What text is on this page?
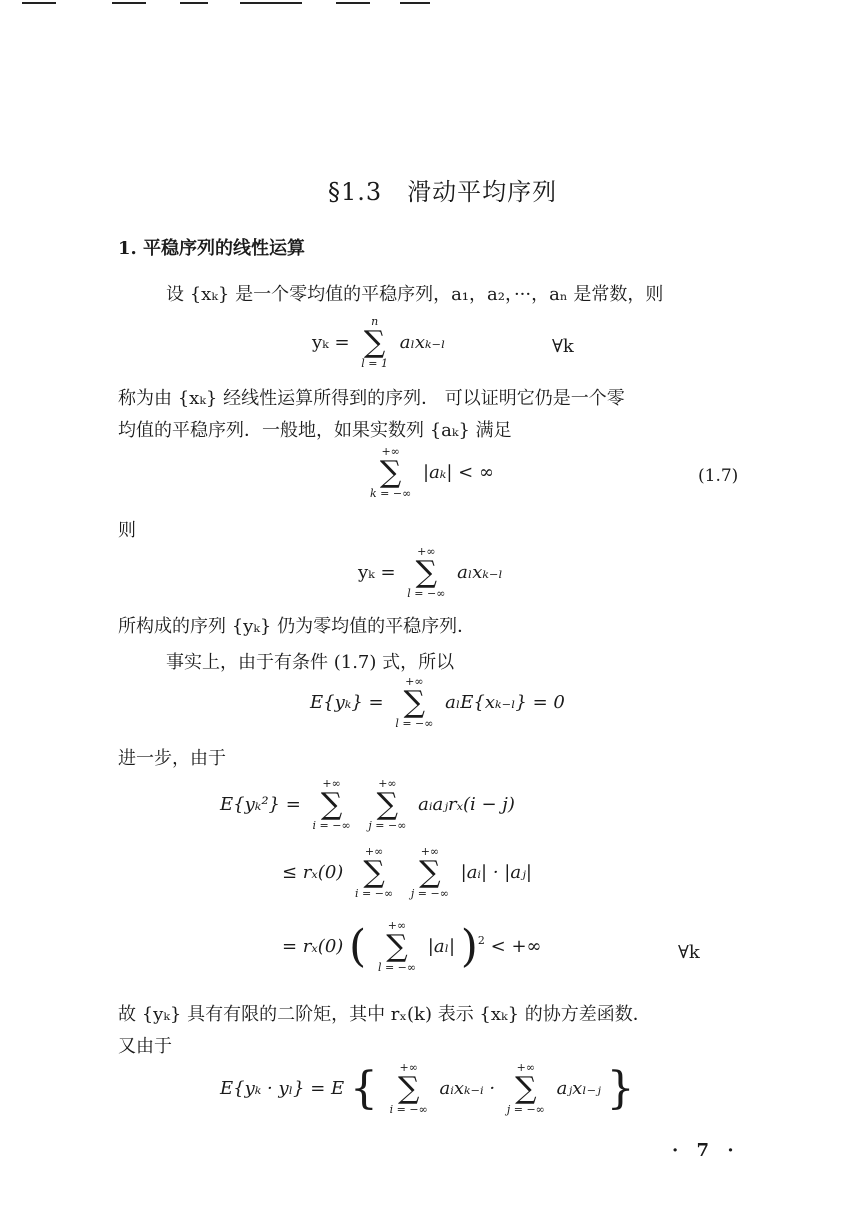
§1.3　滑动平均序列
1. 平稳序列的线性运算
设 {xₖ} 是一个零均值的平稳序列，a₁，a₂，···，aₙ 是常数，则
yₖ =
n
∑
l = 1
aₗxₖ₋ₗ	∀k
称为由 {xₖ} 经线性运算所得到的序列． 可以证明它仍是一个零
均值的平稳序列．一般地，如果实数列 {aₖ} 满足
+∞
∑
k = −∞
|aₖ| < ∞	(1.7)
则
yₖ =
+∞
∑
l = −∞
aₗxₖ₋ₗ
所构成的序列 {yₖ} 仍为零均值的平稳序列．
事实上，由于有条件 (1.7) 式，所以
E{yₖ} =
+∞
∑
l = −∞
aₗE{xₖ₋ₗ} = 0
进一步，由于
E{yₖ²} =
+∞
∑
i = −∞

+∞
∑
j = −∞
aᵢaⱼrₓ(i − j)
≤ rₓ(0)
+∞
∑
i = −∞

+∞
∑
j = −∞
|aᵢ| · |aⱼ|
= rₓ(0) ( +∞
∑
l = −∞
|aₗ| )$^2$ < +∞	∀k
故 {yₖ} 具有有限的二阶矩，其中 rₓ(k) 表示 {xₖ} 的协方差函数．
又由于
E{yₖ · yₗ} = E { +∞
∑
i = −∞
aᵢxₖ₋ᵢ ·
+∞
∑
j = −∞
aⱼxₗ₋ⱼ }
· 7 ·
